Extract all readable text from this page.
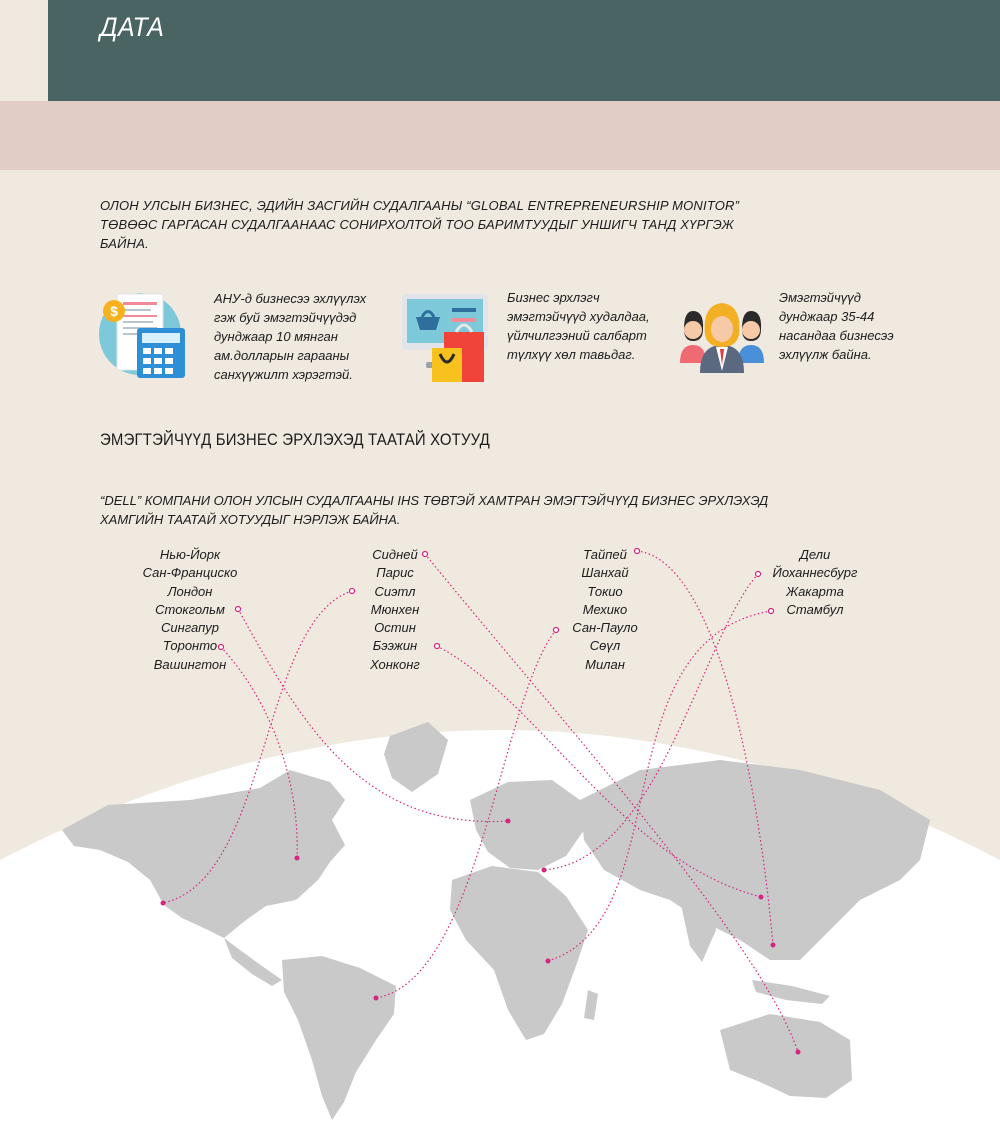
ДАТА
ОЛОН УЛСЫН БИЗНЕС, ЭДИЙН ЗАСГИЙН СУДАЛГААНЫ “GLOBAL ENTREPRENEURSHIP MONITOR” ТӨВӨӨС ГАРГАСАН СУДАЛГААНААС СОНИРХОЛТОЙ ТОО БАРИМТУУДЫГ УНШИГЧ ТАНД ХҮРГЭЖ БАЙНА.
$
АНУ-д бизнесээ эхлүүлэх
гэж буй эмэгтэйчүүдэд
дунджаар 10 мянган
ам.долларын гарааны
санхүүжилт хэрэгтэй.
Бизнес эрхлэгч
эмэгтэйчүүд худалдаа,
үйлчилгээний салбарт
түлхүү хөл тавьдаг.
Эмэгтэйчүүд
дунджаар 35-44
насандаа бизнесээ
эхлүүлж байна.
ЭМЭГТЭЙЧҮҮД БИЗНЕС ЭРХЛЭХЭД ТААТАЙ ХОТУУД
“DELL” КОМПАНИ ОЛОН УЛСЫН СУДАЛГААНЫ IHS ТӨВТЭЙ ХАМТРАН ЭМЭГТЭЙЧҮҮД БИЗНЕС ЭРХЛЭХЭД ХАМГИЙН ТААТАЙ ХОТУУДЫГ НЭРЛЭЖ БАЙНА.
Нью-Йорк
Сан-Франциско
Лондон
Стокгольм
Сингапур
Торонто
Вашингтон
Сидней
Парис
Сиэтл
Мюнхен
Остин
Бээжин
Хонконг
Тайпей
Шанхай
Токио
Мехико
Сан-Пауло
Сөүл
Милан
Дели
Йоханнесбург
Жакарта
Стамбул
